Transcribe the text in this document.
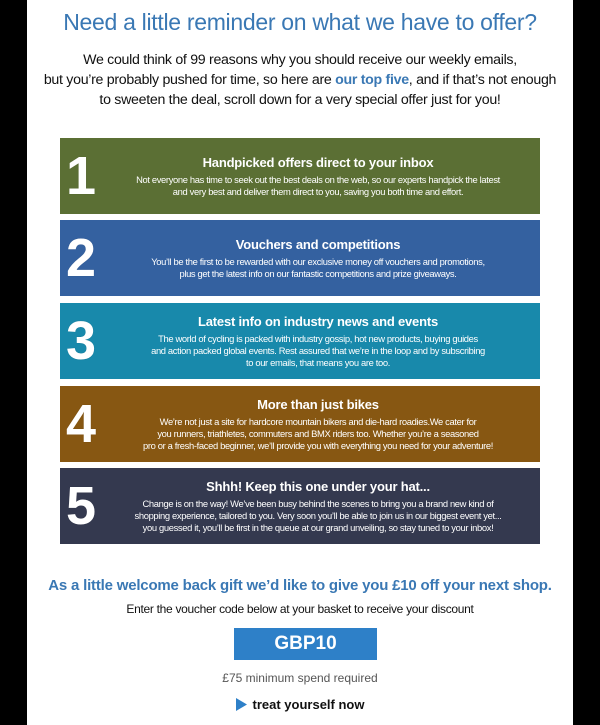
Need a little reminder on what we have to offer?

We could think of 99 reasons why you should receive our weekly emails,
but you’re probably pushed for time, so here are our top five, and if that’s not enough
to sweeten the deal, scroll down for a very special offer just for you!

1	Handpicked offers direct to your inbox
Not everyone has time to seek out the best deals on the web, so our experts handpick the latest
and very best and deliver them direct to you, saving you both time and effort.
2	Vouchers and competitions
You’ll be the first to be rewarded with our exclusive money off vouchers and promotions,
plus get the latest info on our fantastic competitions and prize giveaways.
3	Latest info on industry news and events
The world of cycling is packed with industry gossip, hot new products, buying guides
and action packed global events. Rest assured that we’re in the loop and by subscribing
to our emails, that means you are too.
4	More than just bikes
We’re not just a site for hardcore mountain bikers and die-hard roadies.We cater for
you runners, triathletes, commuters and BMX riders too. Whether you’re a seasoned
pro or a fresh-faced beginner, we’ll provide you with everything you need for your adventure!
5	Shhh! Keep this one under your hat...
Change is on the way! We’ve been busy behind the scenes to bring you a brand new kind of
shopping experience, tailored to you. Very soon you’ll be able to join us in our biggest event yet...
you guessed it, you’ll be first in the queue at our grand unveiling, so stay tuned to your inbox!

As a little welcome back gift we’d like to give you £10 off your next shop.

Enter the voucher code below at your basket to receive your discount

GBP10

£75 minimum spend required

treat yourself now
